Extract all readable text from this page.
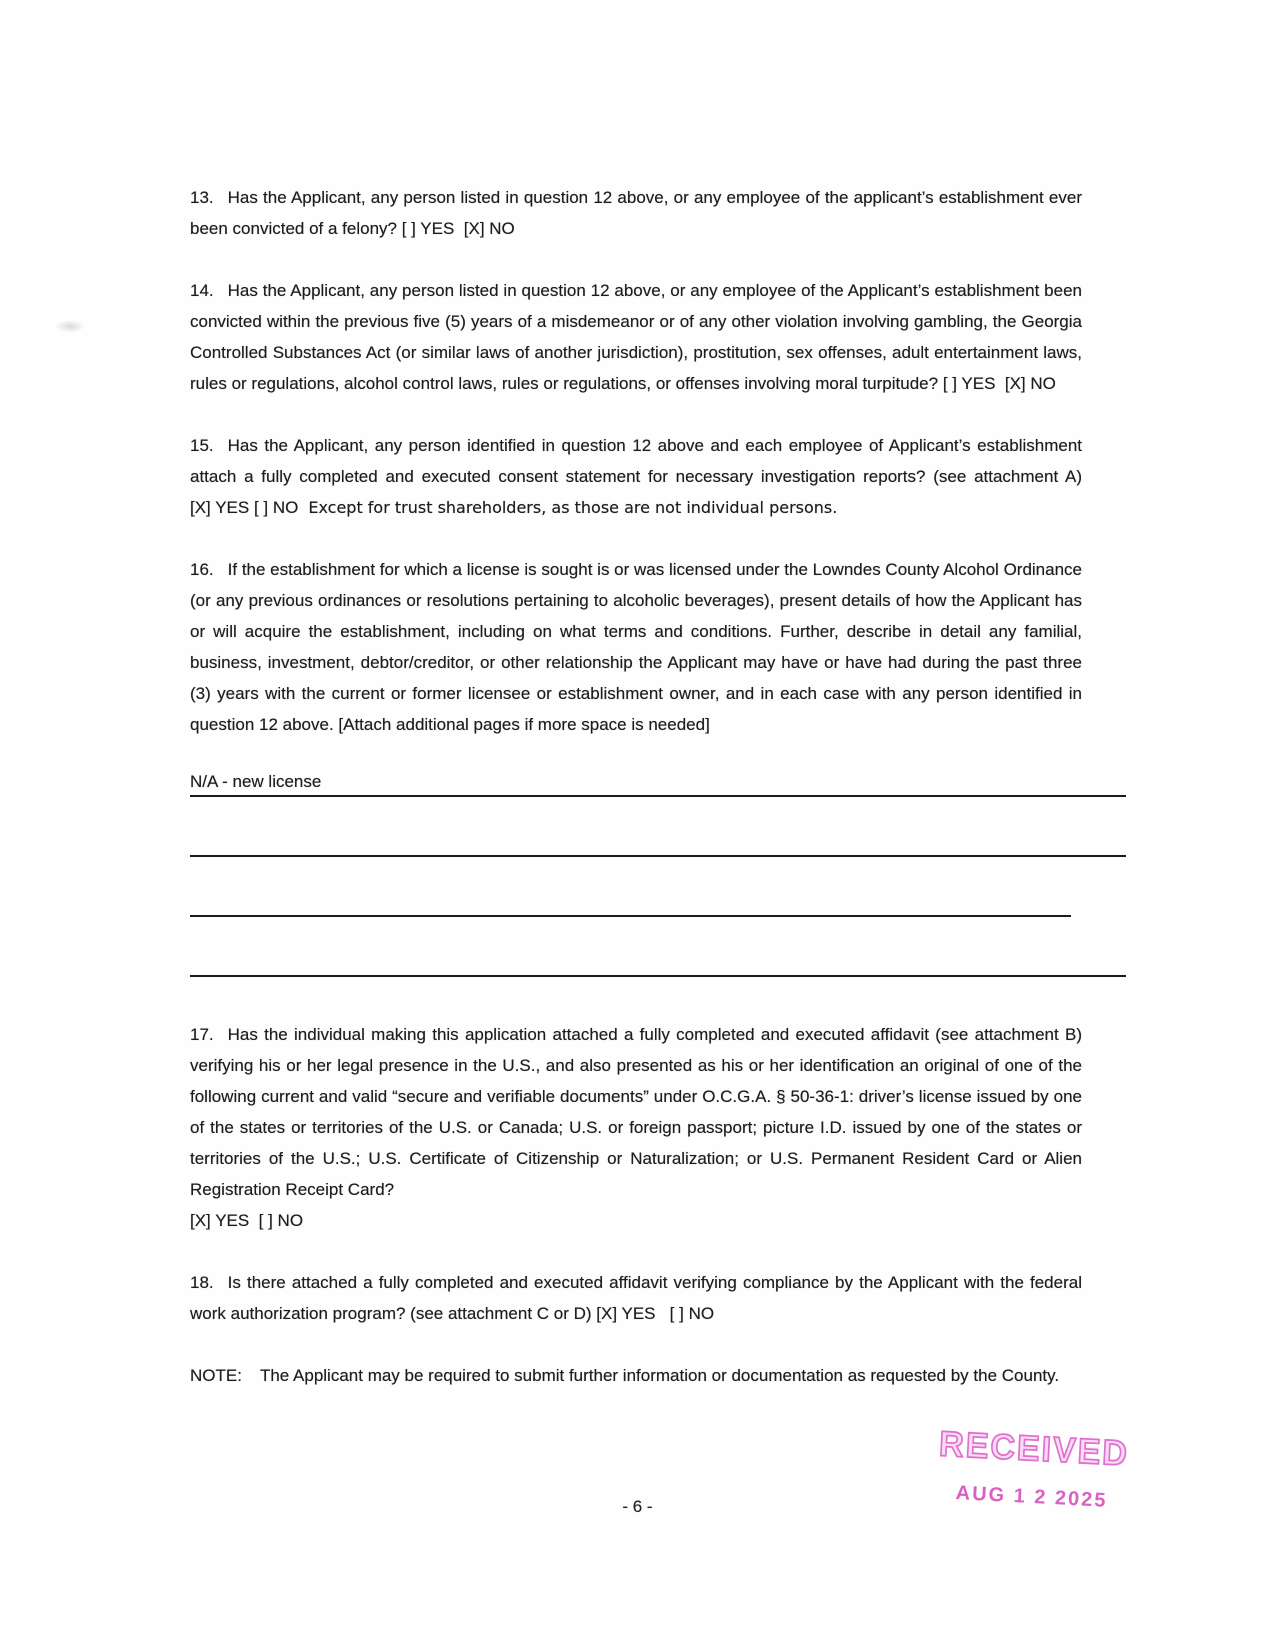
13. Has the Applicant, any person listed in question 12 above, or any employee of the applicant’s establishment ever been convicted of a felony? [ ] YES  [X] NO

14. Has the Applicant, any person listed in question 12 above, or any employee of the Applicant’s establishment been convicted within the previous five (5) years of a misdemeanor or of any other violation involving gambling, the Georgia Controlled Substances Act (or similar laws of another jurisdiction), prostitution, sex offenses, adult entertainment laws, rules or regulations, alcohol control laws, rules or regulations, or offenses involving moral turpitude? [ ] YES  [X] NO

15. Has the Applicant, any person identified in question 12 above and each employee of Applicant’s establishment attach a fully completed and executed consent statement for necessary investigation reports? (see attachment A) [X] YES [ ] NO Except for trust shareholders, as those are not individual persons.

16. If the establishment for which a license is sought is or was licensed under the Lowndes County Alcohol Ordinance (or any previous ordinances or resolutions pertaining to alcoholic beverages), present details of how the Applicant has or will acquire the establishment, including on what terms and conditions. Further, describe in detail any familial, business, investment, debtor/creditor, or other relationship the Applicant may have or have had during the past three (3) years with the current or former licensee or establishment owner, and in each case with any person identified in question 12 above. [Attach additional pages if more space is needed]

N/A - new license

17. Has the individual making this application attached a fully completed and executed affidavit (see attachment B) verifying his or her legal presence in the U.S., and also presented as his or her identification an original of one of the following current and valid “secure and verifiable documents” under O.C.G.A. § 50-36-1: driver’s license issued by one of the states or territories of the U.S. or Canada; U.S. or foreign passport; picture I.D. issued by one of the states or territories of the U.S.; U.S. Certificate of Citizenship or Naturalization; or U.S. Permanent Resident Card or Alien Registration Receipt Card?

[X] YES  [ ] NO

18. Is there attached a fully completed and executed affidavit verifying compliance by the Applicant with the federal work authorization program? (see attachment C or D) [X] YES   [ ] NO

NOTE: The Applicant may be required to submit further information or documentation as requested by the County.

- 6 -
RECEIVED
AUG 1 2 2025
